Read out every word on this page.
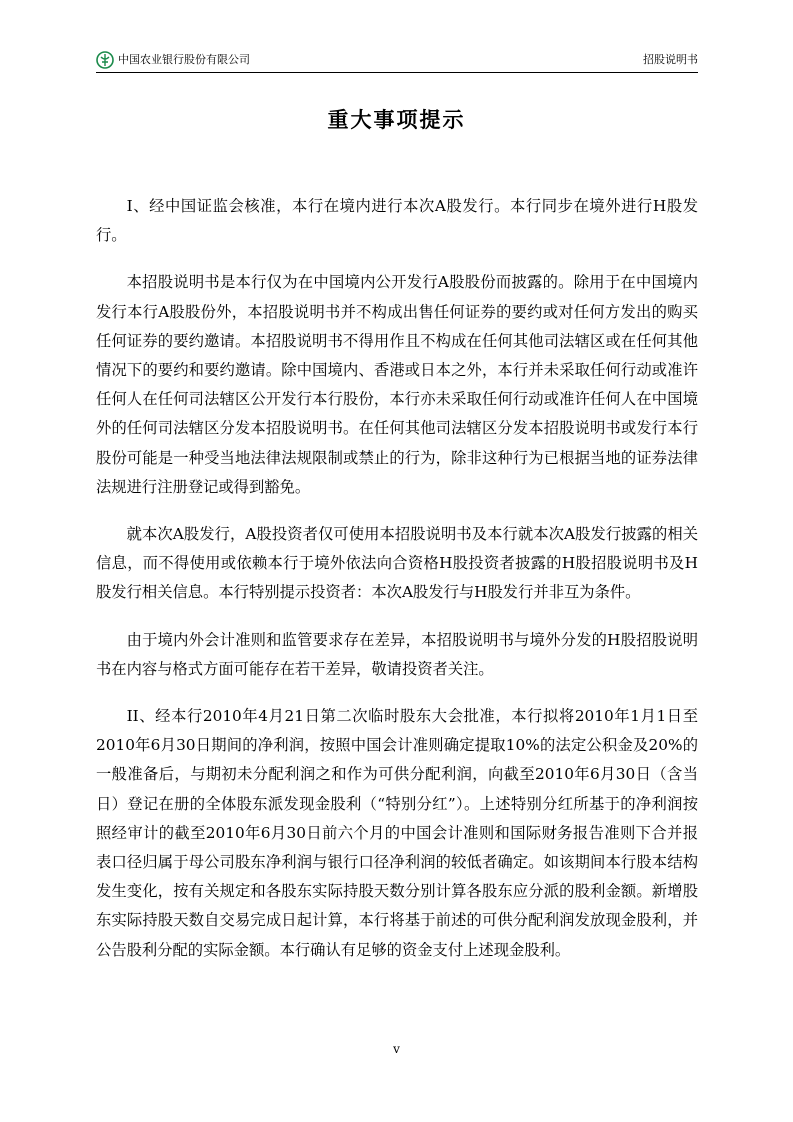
中国农业银行股份有限公司	招股说明书
重大事项提示

I、经中国证监会核准，本行在境内进行本次A股发行。本行同步在境外进行H股发行。

本招股说明书是本行仅为在中国境内公开发行A股股份而披露的。除用于在中国境内发行本行A股股份外，本招股说明书并不构成出售任何证券的要约或对任何方发出的购买任何证券的要约邀请。本招股说明书不得用作且不构成在任何其他司法辖区或在任何其他情况下的要约和要约邀请。除中国境内、香港或日本之外，本行并未采取任何行动或准许任何人在任何司法辖区公开发行本行股份，本行亦未采取任何行动或准许任何人在中国境外的任何司法辖区分发本招股说明书。在任何其他司法辖区分发本招股说明书或发行本行股份可能是一种受当地法律法规限制或禁止的行为，除非这种行为已根据当地的证券法律法规进行注册登记或得到豁免。

就本次A股发行，A股投资者仅可使用本招股说明书及本行就本次A股发行披露的相关信息，而不得使用或依赖本行于境外依法向合资格H股投资者披露的H股招股说明书及H股发行相关信息。本行特别提示投资者：本次A股发行与H股发行并非互为条件。

由于境内外会计准则和监管要求存在差异，本招股说明书与境外分发的H股招股说明书在内容与格式方面可能存在若干差异，敬请投资者关注。

II、经本行2010年4月21日第二次临时股东大会批准，本行拟将2010年1月1日至2010年6月30日期间的净利润，按照中国会计准则确定提取10%的法定公积金及20%的一般准备后，与期初未分配利润之和作为可供分配利润，向截至2010年6月30日（含当日）登记在册的全体股东派发现金股利（“特别分红”）。上述特别分红所基于的净利润按照经审计的截至2010年6月30日前六个月的中国会计准则和国际财务报告准则下合并报表口径归属于母公司股东净利润与银行口径净利润的较低者确定。如该期间本行股本结构发生变化，按有关规定和各股东实际持股天数分别计算各股东应分派的股利金额。新增股东实际持股天数自交易完成日起计算，本行将基于前述的可供分配利润发放现金股利，并公告股利分配的实际金额。本行确认有足够的资金支付上述现金股利。

v
